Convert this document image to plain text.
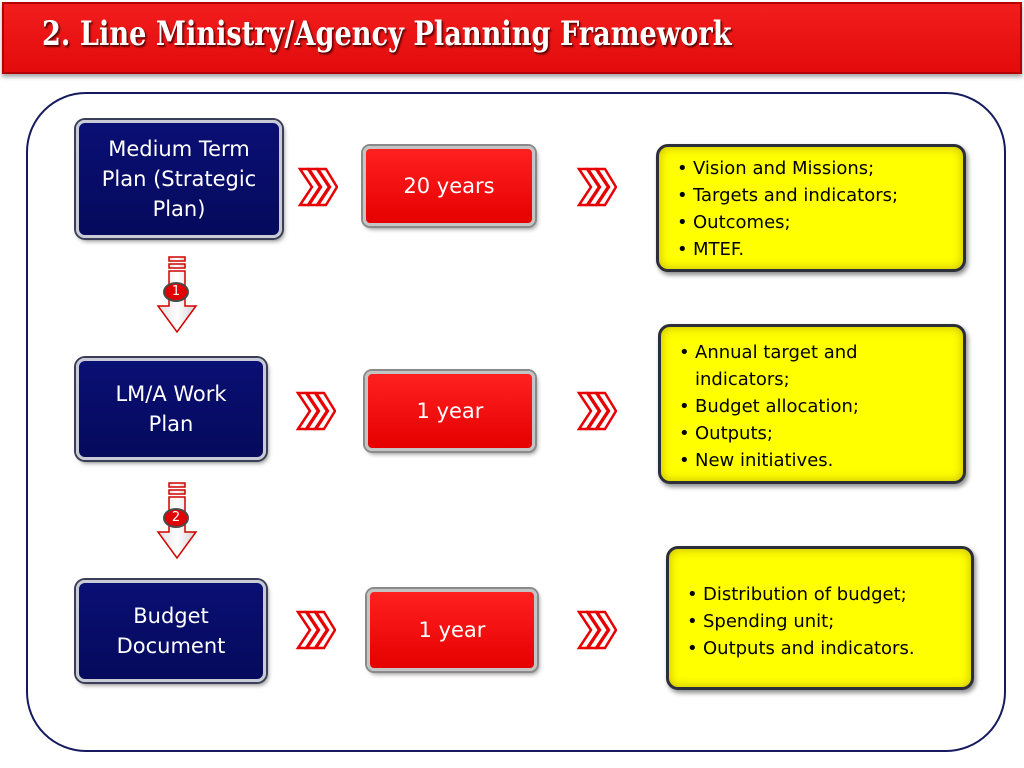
2. Line Ministry/Agency Planning Framework
Medium Term Plan (Strategic Plan)
20 years
• Vision and Missions;
• Targets and indicators;
• Outcomes;
• MTEF.
1
LM/A Work Plan
1 year
• Annual target and indicators;
• Budget allocation;
• Outputs;
• New initiatives.
2
Budget Document
1 year
• Distribution of budget;
• Spending unit;
• Outputs and indicators.
